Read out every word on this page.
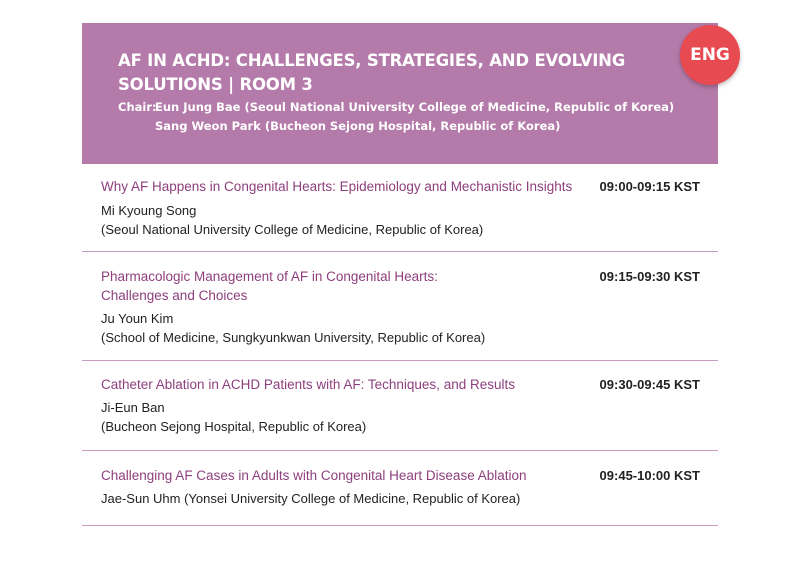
AF IN ACHD: CHALLENGES, STRATEGIES, AND EVOLVING SOLUTIONS | ROOM 3
Chair:
Eun Jung Bae (Seoul National University College of Medicine, Republic of Korea)
Sang Weon Park (Bucheon Sejong Hospital, Republic of Korea)
ENG
Why AF Happens in Congenital Hearts: Epidemiology and Mechanistic Insights 09:00-09:15 KST
Mi Kyoung Song
(Seoul National University College of Medicine, Republic of Korea)
Pharmacologic Management of AF in Congenital Hearts:
Challenges and Choices
09:15-09:30 KST
Ju Youn Kim
(School of Medicine, Sungkyunkwan University, Republic of Korea)
Catheter Ablation in ACHD Patients with AF: Techniques, and Results	09:30-09:45 KST
Ji-Eun Ban
(Bucheon Sejong Hospital, Republic of Korea)
Challenging AF Cases in Adults with Congenital Heart Disease Ablation	09:45-10:00 KST
Jae-Sun Uhm (Yonsei University College of Medicine, Republic of Korea)
